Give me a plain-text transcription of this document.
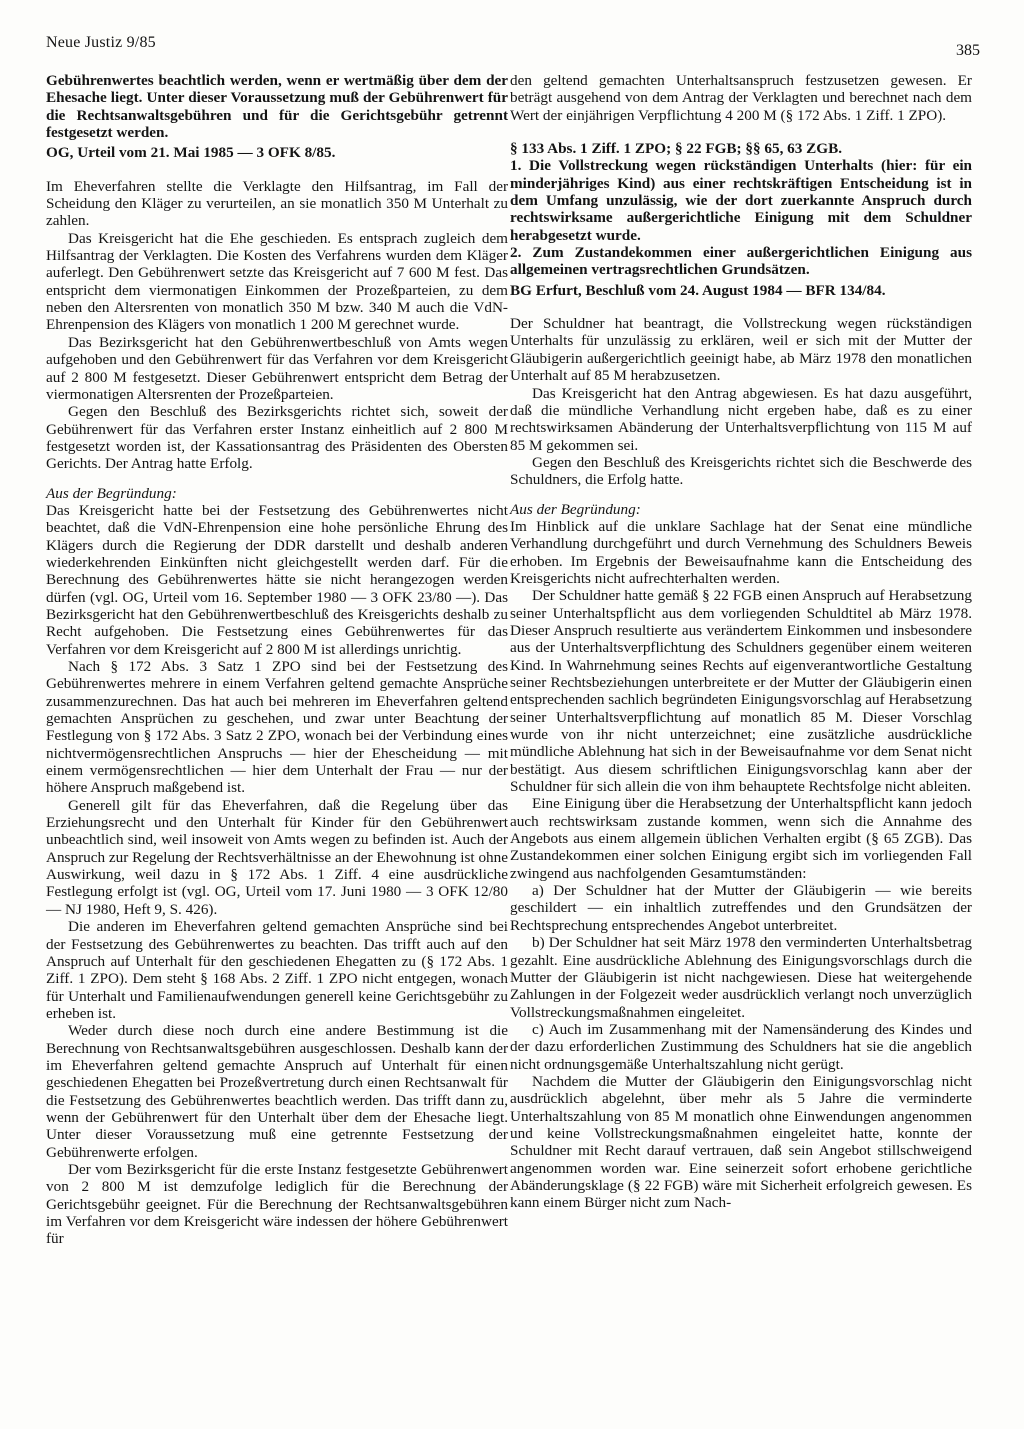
Neue Justiz 9/85	385

Gebührenwertes beachtlich werden, wenn er wertmäßig über dem der Ehesache liegt. Unter dieser Voraussetzung muß der Gebührenwert für die Rechtsanwaltsgebühren und für die Gerichtsgebühr getrennt festgesetzt werden.

OG, Urteil vom 21. Mai 1985 — 3 OFK 8/85.

Im Eheverfahren stellte die Verklagte den Hilfsantrag, im Fall der Scheidung den Kläger zu verurteilen, an sie monatlich 350 M Unterhalt zu zahlen.

Das Kreisgericht hat die Ehe geschieden. Es entsprach zugleich dem Hilfsantrag der Verklagten. Die Kosten des Verfahrens wurden dem Kläger auferlegt. Den Gebührenwert setzte das Kreisgericht auf 7 600 M fest. Das entspricht dem viermonatigen Einkommen der Prozeßparteien, zu dem neben den Altersrenten von monatlich 350 M bzw. 340 M auch die VdN-Ehrenpension des Klägers von monatlich 1 200 M gerechnet wurde.

Das Bezirksgericht hat den Gebührenwertbeschluß von Amts wegen aufgehoben und den Gebührenwert für das Verfahren vor dem Kreisgericht auf 2 800 M festgesetzt. Dieser Gebührenwert entspricht dem Betrag der viermonatigen Altersrenten der Prozeßparteien.

Gegen den Beschluß des Bezirksgerichts richtet sich, soweit der Gebührenwert für das Verfahren erster Instanz einheitlich auf 2 800 M festgesetzt worden ist, der Kassationsantrag des Präsidenten des Obersten Gerichts. Der Antrag hatte Erfolg.

Aus der Begründung:

Das Kreisgericht hatte bei der Festsetzung des Gebührenwertes nicht beachtet, daß die VdN-Ehrenpension eine hohe persönliche Ehrung des Klägers durch die Regierung der DDR darstellt und deshalb anderen wiederkehrenden Einkünften nicht gleichgestellt werden darf. Für die Berechnung des Gebührenwertes hätte sie nicht herangezogen werden dürfen (vgl. OG, Urteil vom 16. September 1980 — 3 OFK 23/80 —). Das Bezirksgericht hat den Gebührenwertbeschluß des Kreisgerichts deshalb zu Recht aufgehoben. Die Festsetzung eines Gebührenwertes für das Verfahren vor dem Kreisgericht auf 2 800 M ist allerdings unrichtig.

Nach § 172 Abs. 3 Satz 1 ZPO sind bei der Festsetzung des Gebührenwertes mehrere in einem Verfahren geltend gemachte Ansprüche zusammenzurechnen. Das hat auch bei mehreren im Eheverfahren geltend gemachten Ansprüchen zu geschehen, und zwar unter Beachtung der Festlegung von § 172 Abs. 3 Satz 2 ZPO, wonach bei der Verbindung eines nichtvermögensrechtlichen Anspruchs — hier der Ehescheidung — mit einem vermögensrechtlichen — hier dem Unterhalt der Frau — nur der höhere Anspruch maßgebend ist.

Generell gilt für das Eheverfahren, daß die Regelung über das Erziehungsrecht und den Unterhalt für Kinder für den Gebührenwert unbeachtlich sind, weil insoweit von Amts wegen zu befinden ist. Auch der Anspruch zur Regelung der Rechtsverhältnisse an der Ehewohnung ist ohne Auswirkung, weil dazu in § 172 Abs. 1 Ziff. 4 eine ausdrückliche Festlegung erfolgt ist (vgl. OG, Urteil vom 17. Juni 1980 — 3 OFK 12/80 — NJ 1980, Heft 9, S. 426).

Die anderen im Eheverfahren geltend gemachten Ansprüche sind bei der Festsetzung des Gebührenwertes zu beachten. Das trifft auch auf den Anspruch auf Unterhalt für den geschiedenen Ehegatten zu (§ 172 Abs. 1 Ziff. 1 ZPO). Dem steht § 168 Abs. 2 Ziff. 1 ZPO nicht entgegen, wonach für Unterhalt und Familienaufwendungen generell keine Gerichtsgebühr zu erheben ist.

Weder durch diese noch durch eine andere Bestimmung ist die Berechnung von Rechtsanwaltsgebühren ausgeschlossen. Deshalb kann der im Eheverfahren geltend gemachte Anspruch auf Unterhalt für einen geschiedenen Ehegatten bei Prozeßvertretung durch einen Rechtsanwalt für die Festsetzung des Gebührenwertes beachtlich werden. Das trifft dann zu, wenn der Gebührenwert für den Unterhalt über dem der Ehesache liegt. Unter dieser Voraussetzung muß eine getrennte Festsetzung der Gebührenwerte erfolgen.

Der vom Bezirksgericht für die erste Instanz festgesetzte Gebührenwert von 2 800 M ist demzufolge lediglich für die Berechnung der Gerichtsgebühr geeignet. Für die Berechnung der Rechtsanwaltsgebühren im Verfahren vor dem Kreisgericht wäre indessen der höhere Gebührenwert für

den geltend gemachten Unterhaltsanspruch festzusetzen gewesen. Er beträgt ausgehend von dem Antrag der Verklagten und berechnet nach dem Wert der einjährigen Verpflichtung 4 200 M (§ 172 Abs. 1 Ziff. 1 ZPO).

§ 133 Abs. 1 Ziff. 1 ZPO; § 22 FGB; §§ 65, 63 ZGB.

1. Die Vollstreckung wegen rückständigen Unterhalts (hier: für ein minderjähriges Kind) aus einer rechtskräftigen Entscheidung ist in dem Umfang unzulässig, wie der dort zuerkannte Anspruch durch rechtswirksame außergerichtliche Einigung mit dem Schuldner herabgesetzt wurde.

2. Zum Zustandekommen einer außergerichtlichen Einigung aus allgemeinen vertragsrechtlichen Grundsätzen.

BG Erfurt, Beschluß vom 24. August 1984 — BFR 134/84.

Der Schuldner hat beantragt, die Vollstreckung wegen rückständigen Unterhalts für unzulässig zu erklären, weil er sich mit der Mutter der Gläubigerin außergerichtlich geeinigt habe, ab März 1978 den monatlichen Unterhalt auf 85 M herabzusetzen.

Das Kreisgericht hat den Antrag abgewiesen. Es hat dazu ausgeführt, daß die mündliche Verhandlung nicht ergeben habe, daß es zu einer rechtswirksamen Abänderung der Unterhaltsverpflichtung von 115 M auf 85 M gekommen sei.

Gegen den Beschluß des Kreisgerichts richtet sich die Beschwerde des Schuldners, die Erfolg hatte.

Aus der Begründung:

Im Hinblick auf die unklare Sachlage hat der Senat eine mündliche Verhandlung durchgeführt und durch Vernehmung des Schuldners Beweis erhoben. Im Ergebnis der Beweisaufnahme kann die Entscheidung des Kreisgerichts nicht aufrechterhalten werden.

Der Schuldner hatte gemäß § 22 FGB einen Anspruch auf Herabsetzung seiner Unterhaltspflicht aus dem vorliegenden Schuldtitel ab März 1978. Dieser Anspruch resultierte aus verändertem Einkommen und insbesondere aus der Unterhaltsverpflichtung des Schuldners gegenüber einem weiteren Kind. In Wahrnehmung seines Rechts auf eigenverantwortliche Gestaltung seiner Rechtsbeziehungen unterbreitete er der Mutter der Gläubigerin einen entsprechenden sachlich begründeten Einigungsvorschlag auf Herabsetzung seiner Unterhaltsverpflichtung auf monatlich 85 M. Dieser Vorschlag wurde von ihr nicht unterzeichnet; eine zusätzliche ausdrückliche mündliche Ablehnung hat sich in der Beweisaufnahme vor dem Senat nicht bestätigt. Aus diesem schriftlichen Einigungsvorschlag kann aber der Schuldner für sich allein die von ihm behauptete Rechtsfolge nicht ableiten.

Eine Einigung über die Herabsetzung der Unterhaltspflicht kann jedoch auch rechtswirksam zustande kommen, wenn sich die Annahme des Angebots aus einem allgemein üblichen Verhalten ergibt (§ 65 ZGB). Das Zustandekommen einer solchen Einigung ergibt sich im vorliegenden Fall zwingend aus nachfolgenden Gesamtumständen:

a) Der Schuldner hat der Mutter der Gläubigerin — wie bereits geschildert — ein inhaltlich zutreffendes und den Grundsätzen der Rechtsprechung entsprechendes Angebot unterbreitet.

b) Der Schuldner hat seit März 1978 den verminderten Unterhaltsbetrag gezahlt. Eine ausdrückliche Ablehnung des Einigungsvorschlags durch die Mutter der Gläubigerin ist nicht nachgewiesen. Diese hat weitergehende Zahlungen in der Folgezeit weder ausdrücklich verlangt noch unverzüglich Vollstreckungsmaßnahmen eingeleitet.

c) Auch im Zusammenhang mit der Namensänderung des Kindes und der dazu erforderlichen Zustimmung des Schuldners hat sie die angeblich nicht ordnungsgemäße Unterhaltszahlung nicht gerügt.

Nachdem die Mutter der Gläubigerin den Einigungsvorschlag nicht ausdrücklich abgelehnt, über mehr als 5 Jahre die verminderte Unterhaltszahlung von 85 M monatlich ohne Einwendungen angenommen und keine Vollstreckungsmaßnahmen eingeleitet hatte, konnte der Schuldner mit Recht darauf vertrauen, daß sein Angebot stillschweigend angenommen worden war. Eine seinerzeit sofort erhobene gerichtliche Abänderungsklage (§ 22 FGB) wäre mit Sicherheit erfolgreich gewesen. Es kann einem Bürger nicht zum Nach-
